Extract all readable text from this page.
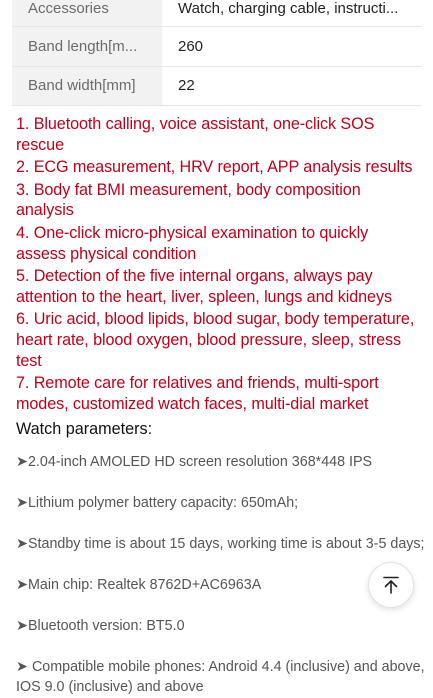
Accessories	Watch, charging cable, instructi...
Band length[m...	260
Band width[mm]	22
1. Bluetooth calling, voice assistant, one-click SOS rescue
2. ECG measurement, HRV report, APP analysis results
3. Body fat BMI measurement, body composition analysis
4. One-click micro-physical examination to quickly assess physical condition
5. Detection of the five internal organs, always pay attention to the heart, liver, spleen, lungs and kidneys
6. Uric acid, blood lipids, blood sugar, body temperature, heart rate, blood oxygen, blood pressure, sleep, stress test
7. Remote care for relatives and friends, multi-sport modes, customized watch faces, multi-dial market
Watch parameters:
➤2.04-inch AMOLED HD screen resolution 368*448 IPS
➤Lithium polymer battery capacity: 650mAh;
➤Standby time is about 15 days, working time is about 3-5 days;
➤Main chip: Realtek 8762D+AC6963A
➤Bluetooth version: BT5.0
➤ Compatible mobile phones: Android 4.4 (inclusive) and above, IOS 9.0 (inclusive) and above
